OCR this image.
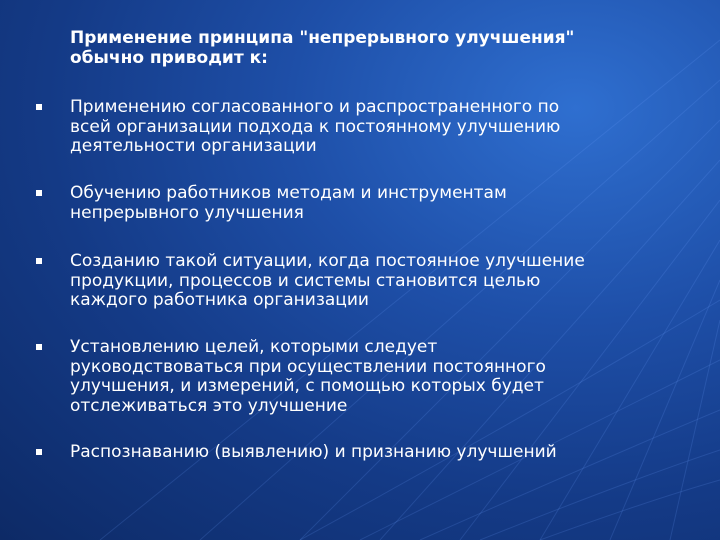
Применение принципа "непрерывного улучшения"
обычно приводит к:
Применению согласованного и распространенного по
всей организации подхода к постоянному улучшению
деятельности организации
Обучению работников методам и инструментам
непрерывного улучшения
Созданию такой ситуации, когда постоянное улучшение
продукции, процессов и системы становится целью
каждого работника организации
Установлению целей, которыми следует
руководствоваться при осуществлении постоянного
улучшения, и измерений, с помощью которых будет
отслеживаться это улучшение
Распознаванию (выявлению) и признанию улучшений
